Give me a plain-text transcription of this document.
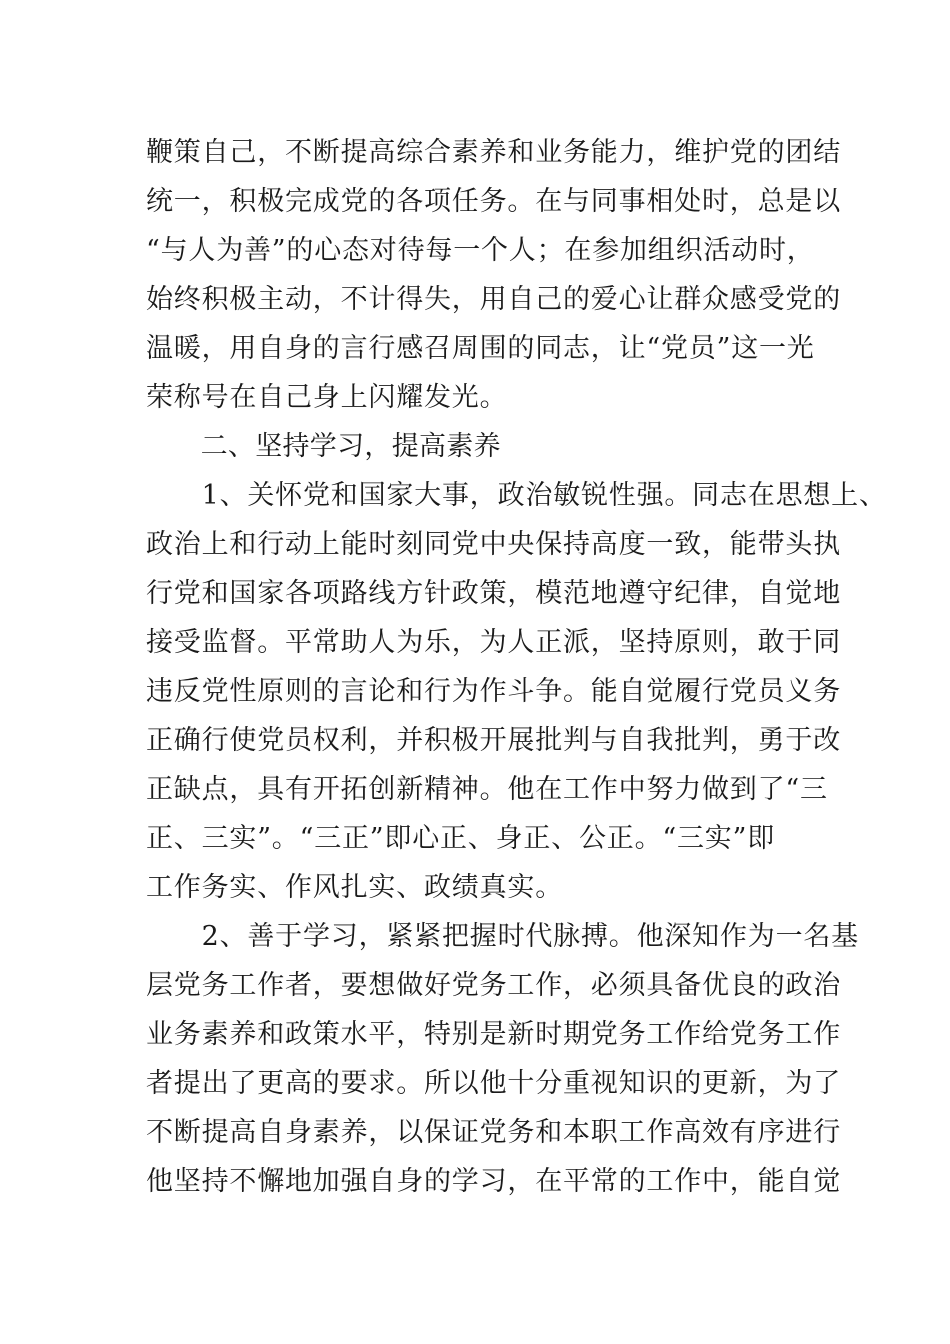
鞭策自己，不断提高综合素养和业务能力，维护党的团结
统一，积极完成党的各项任务。在与同事相处时，总是以
“与人为善”的心态对待每一个人；在参加组织活动时，
始终积极主动，不计得失，用自己的爱心让群众感受党的
温暖，用自身的言行感召周围的同志，让“党员”这一光
荣称号在自己身上闪耀发光。
　　二、坚持学习，提高素养
　　1、关怀党和国家大事，政治敏锐性强。同志在思想上、
政治上和行动上能时刻同党中央保持高度一致，能带头执
行党和国家各项路线方针政策，模范地遵守纪律，自觉地
接受监督。平常助人为乐，为人正派，坚持原则，敢于同
违反党性原则的言论和行为作斗争。能自觉履行党员义务
正确行使党员权利，并积极开展批判与自我批判，勇于改
正缺点，具有开拓创新精神。他在工作中努力做到了“三
正、三实”。“三正”即心正、身正、公正。“三实”即
工作务实、作风扎实、政绩真实。
　　2、善于学习，紧紧把握时代脉搏。他深知作为一名基
层党务工作者，要想做好党务工作，必须具备优良的政治
业务素养和政策水平，特别是新时期党务工作给党务工作
者提出了更高的要求。所以他十分重视知识的更新，为了
不断提高自身素养，以保证党务和本职工作高效有序进行
他坚持不懈地加强自身的学习，在平常的工作中，能自觉
